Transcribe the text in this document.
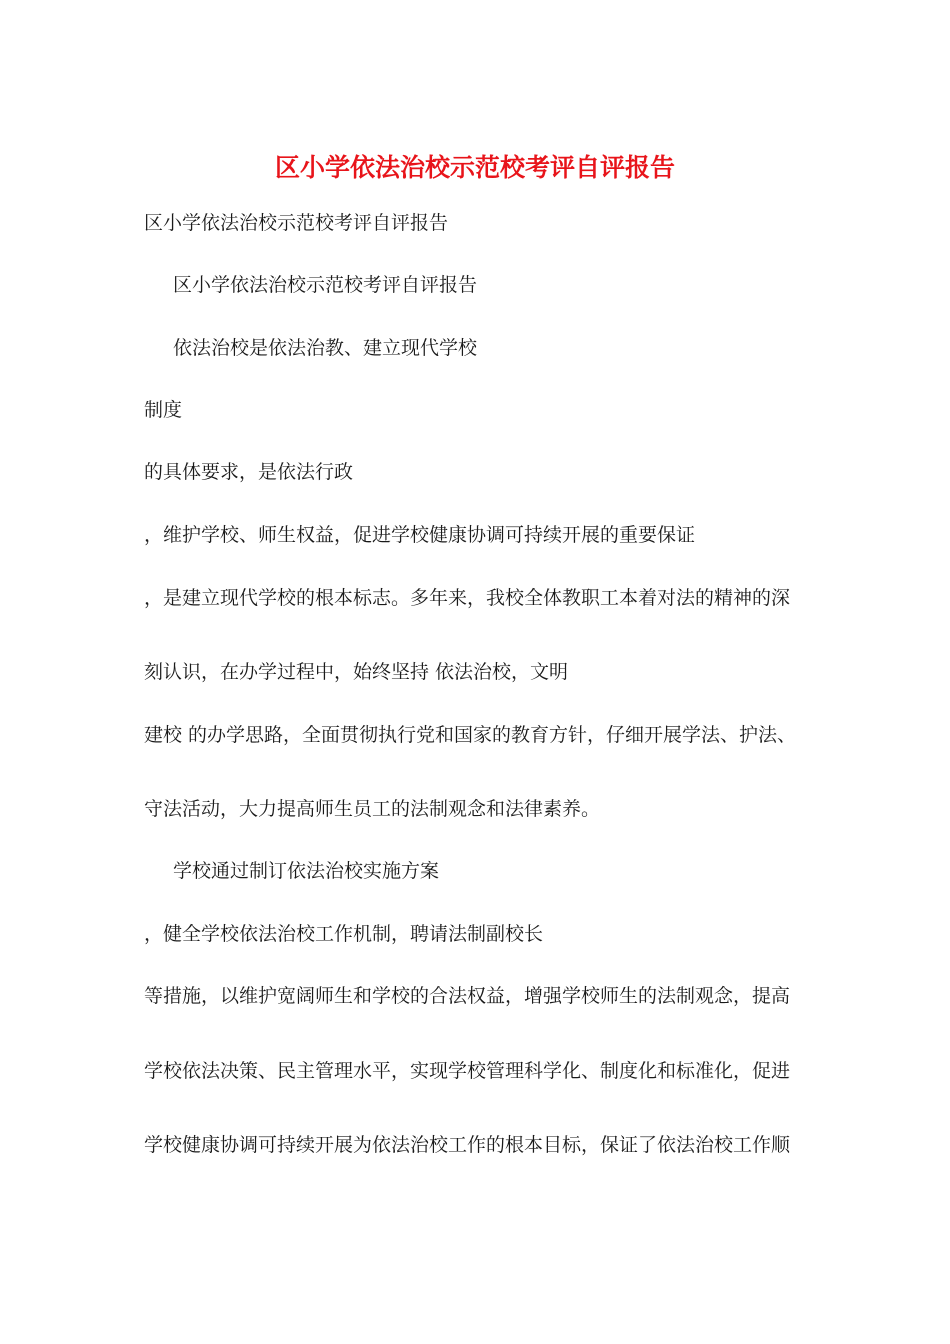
区小学依法治校示范校考评自评报告
区小学依法治校示范校考评自评报告
区小学依法治校示范校考评自评报告
依法治校是依法治教、建立现代学校
制度
的具体要求，是依法行政
，维护学校、师生权益，促进学校健康协调可持续开展的重要保证
，是建立现代学校的根本标志。多年来，我校全体教职工本着对法的精神的深
刻认识，在办学过程中，始终坚持 依法治校，文明
建校 的办学思路，全面贯彻执行党和国家的教育方针，仔细开展学法、护法、
守法活动，大力提高师生员工的法制观念和法律素养。
学校通过制订依法治校实施方案
，健全学校依法治校工作机制，聘请法制副校长
等措施，以维护宽阔师生和学校的合法权益，增强学校师生的法制观念，提高
学校依法决策、民主管理水平，实现学校管理科学化、制度化和标准化，促进
学校健康协调可持续开展为依法治校工作的根本目标，保证了依法治校工作顺
